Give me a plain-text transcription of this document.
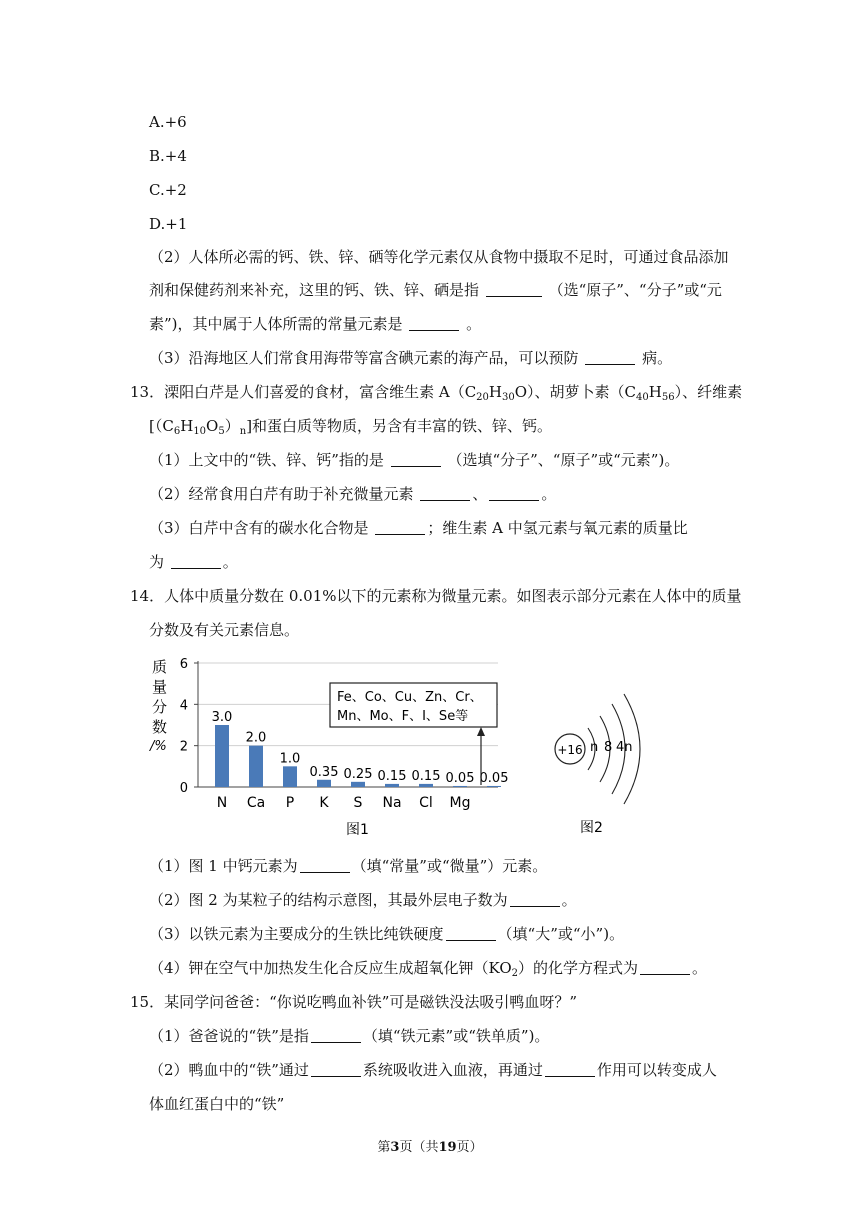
A.+6
B.+4
C.+2
D.+1
（2）人体所必需的钙、铁、锌、硒等化学元素仅从食物中摄取不足时，可通过食品添加
剂和保健药剂来补充，这里的钙、铁、锌、硒是指	（选“原子”、“分子”或“元
素”)，其中属于人体所需的常量元素是	。
（3）沿海地区人们常食用海带等富含碘元素的海产品，可以预防	病。
13．溧阳白芹是人们喜爱的食材，富含维生素 $A(C_{20}H_{30}O)$、胡萝卜素$(C_{40}H_{56})$、纤维素
$[(C_6H_{10}O_5)_n]$和蛋白质等物质，另含有丰富的铁、锌、钙。
（1）上文中的“铁、锌、钙”指的是	（选填“分子”、“原子”或“元素”)。
（2）经常食用白芹有助于补充微量元素	、	。
（3）白芹中含有的碳水化合物是	；维生素 A 中氢元素与氧元素的质量比
为	。
14．人体中质量分数在 0.01%以下的元素称为微量元素。如图表示部分元素在人体中的质量
分数及有关元素信息。
质
量
分
数
/%
0
2
4
6
3.0
N
2.0
Ca
1.0
P
0.35
K
0.25
S
0.15
Na
0.15
Cl
0.05
Mg
0.05
Fe、Co、Cu、Zn、Cr、
Mn、Mo、F、I、Se等
图1
+16 n 8 4n
图2
（1）图 1 中钙元素为	（填“常量”或“微量”）元素。
（2）图 2 为某粒子的结构示意图，其最外层电子数为	。
（3）以铁元素为主要成分的生铁比纯铁硬度	（填“大”或“小”)。
（4）钾在空气中加热发生化合反应生成超氧化钾$(KO_2)$的化学方程式为	。
15．某同学问爸爸：“你说吃鸭血补铁”可是磁铁没法吸引鸭血呀？”
（1）爸爸说的“铁”是指	（填“铁元素”或“铁单质”)。
（2）鸭血中的“铁”通过	系统吸收进入血液，再通过	作用可以转变成人
体血红蛋白中的“铁”
第3页（共19页）
